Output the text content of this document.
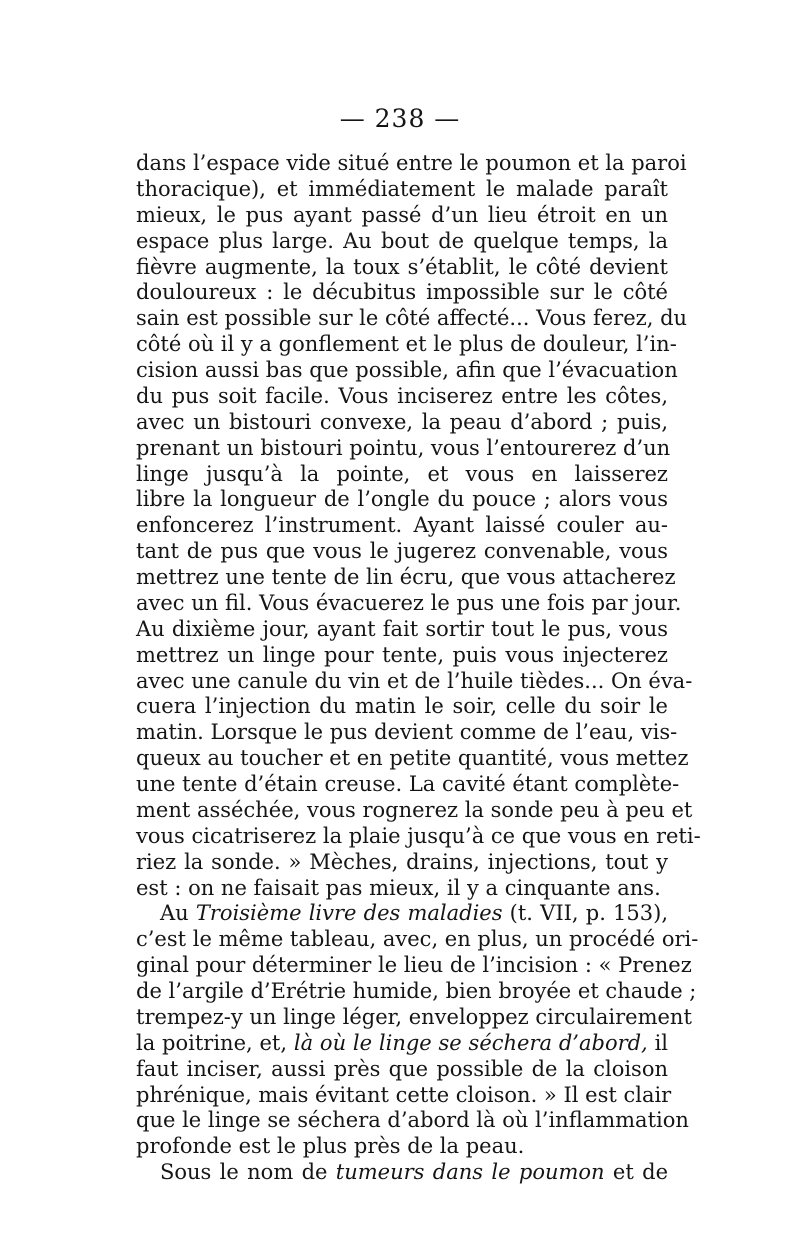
— 238 —
dans l’espace vide situé entre le poumon et la paroi
thoracique), et immédiatement le malade paraît
mieux, le pus ayant passé d’un lieu étroit en un
espace plus large. Au bout de quelque temps, la
fièvre augmente, la toux s’établit, le côté devient
douloureux : le décubitus impossible sur le côté
sain est possible sur le côté affecté... Vous ferez, du
côté où il y a gonflement et le plus de douleur, l’in-
cision aussi bas que possible, afin que l’évacuation
du pus soit facile. Vous inciserez entre les côtes,
avec un bistouri convexe, la peau d’abord ; puis,
prenant un bistouri pointu, vous l’entourerez d’un
linge jusqu’à la pointe, et vous en laisserez
libre la longueur de l’ongle du pouce ; alors vous
enfoncerez l’instrument. Ayant laissé couler au-
tant de pus que vous le jugerez convenable, vous
mettrez une tente de lin écru, que vous attacherez
avec un fil. Vous évacuerez le pus une fois par jour.
Au dixième jour, ayant fait sortir tout le pus, vous
mettrez un linge pour tente, puis vous injecterez
avec une canule du vin et de l’huile tièdes... On éva-
cuera l’injection du matin le soir, celle du soir le
matin. Lorsque le pus devient comme de l’eau, vis-
queux au toucher et en petite quantité, vous mettez
une tente d’étain creuse. La cavité étant complète-
ment asséchée, vous rognerez la sonde peu à peu et
vous cicatriserez la plaie jusqu’à ce que vous en reti-
riez la sonde. » Mèches, drains, injections, tout y
est : on ne faisait pas mieux, il y a cinquante ans.
Au Troisième livre des maladies (t. VII, p. 153),
c’est le même tableau, avec, en plus, un procédé ori-
ginal pour déterminer le lieu de l’incision : « Prenez
de l’argile d’Erétrie humide, bien broyée et chaude ;
trempez-y un linge léger, enveloppez circulairement
la poitrine, et, là où le linge se séchera d’abord, il
faut inciser, aussi près que possible de la cloison
phrénique, mais évitant cette cloison. » Il est clair
que le linge se séchera d’abord là où l’inflammation
profonde est le plus près de la peau.
Sous le nom de tumeurs dans le poumon et de
